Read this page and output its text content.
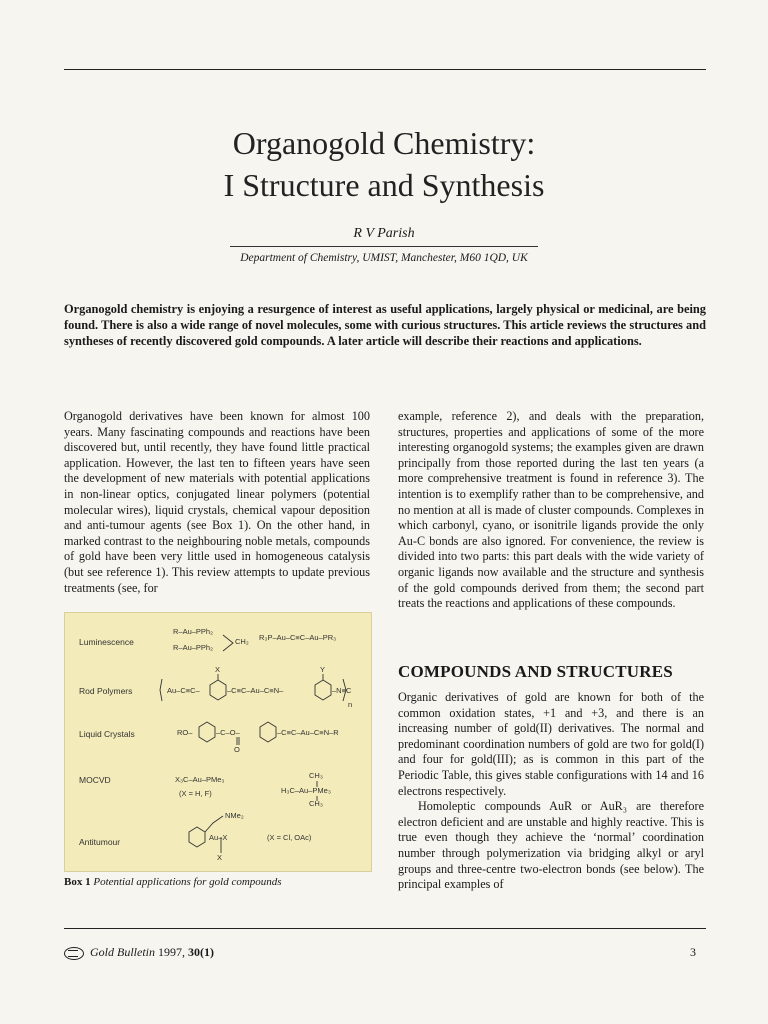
Organogold Chemistry:
I Structure and Synthesis
R V Parish
Department of Chemistry, UMIST, Manchester, M60 1QD, UK

Organogold chemistry is enjoying a resurgence of interest as useful applications, largely physical or medicinal, are being found. There is also a wide range of novel molecules, some with curious structures. This article reviews the structures and syntheses of recently discovered gold compounds. A later article will describe their reactions and applications.

Organogold derivatives have been known for almost 100 years. Many fascinating compounds and reactions have been discovered but, until recently, they have found little practical application. However, the last ten to fifteen years have seen the development of new materials with potential applications in non-linear optics, conjugated linear polymers (potential molecular wires), liquid crystals, chemical vapour deposition and anti-tumour agents (see Box 1). On the other hand, in marked contrast to the neighbouring noble metals, compounds of gold have been very little used in homogeneous catalysis (but see reference 1). This review attempts to update previous treatments (see, for

example, reference 2), and deals with the preparation, structures, properties and applications of some of the more interesting organogold systems; the examples given are drawn principally from those reported during the last ten years (a more comprehensive treatment is found in reference 3). The intention is to exemplify rather than to be comprehensive, and no mention at all is made of cluster compounds. Complexes in which carbonyl, cyano, or isonitrile ligands provide the only Au-C bonds are also ignored. For convenience, the review is divided into two parts: this part deals with the wide variety of organic ligands now available and the structure and synthesis of the gold compounds derived from them; the second part treats the reactions and applications of these compounds.

COMPOUNDS AND STRUCTURES
Organic derivatives of gold are known for both of the common oxidation states, +1 and +3, and there is an increasing number of gold(II) derivatives. The normal and predominant coordination numbers of gold are two for gold(I) and four for gold(III); as is common in this part of the Periodic Table, this gives stable configurations with 14 and 16 electrons respectively.
Homoleptic compounds AuR or AuR₃ are therefore electron deficient and are unstable and highly reactive. This is true even though they achieve the ‘normal’ coordination number through polymerization via bridging alkyl or aryl groups and three-centre two-electron bonds (see below). The principal examples of
Luminescence
Rod Polymers
Liquid Crystals
MOCVD
Antitumour
R–Au–PPh₂
CH₂
R–Au–PPh₂
R₃P–Au–C≡C–Au–PR₃
X	Y
Au–C≡C–	–C≡C–Au–C≡N–	–N≡C
n
RO–	–C–O–
O
–C≡C–Au–C≡N–R
X₃C–Au–PMe₃
(X = H, F)
CH₃
H₃C–Au–PMe₃
CH₃
NMe₂
Au–X
X
(X = Cl, OAc)
Box 1 Potential applications for gold compounds
Gold Bulletin 1997, 30(1)	3
